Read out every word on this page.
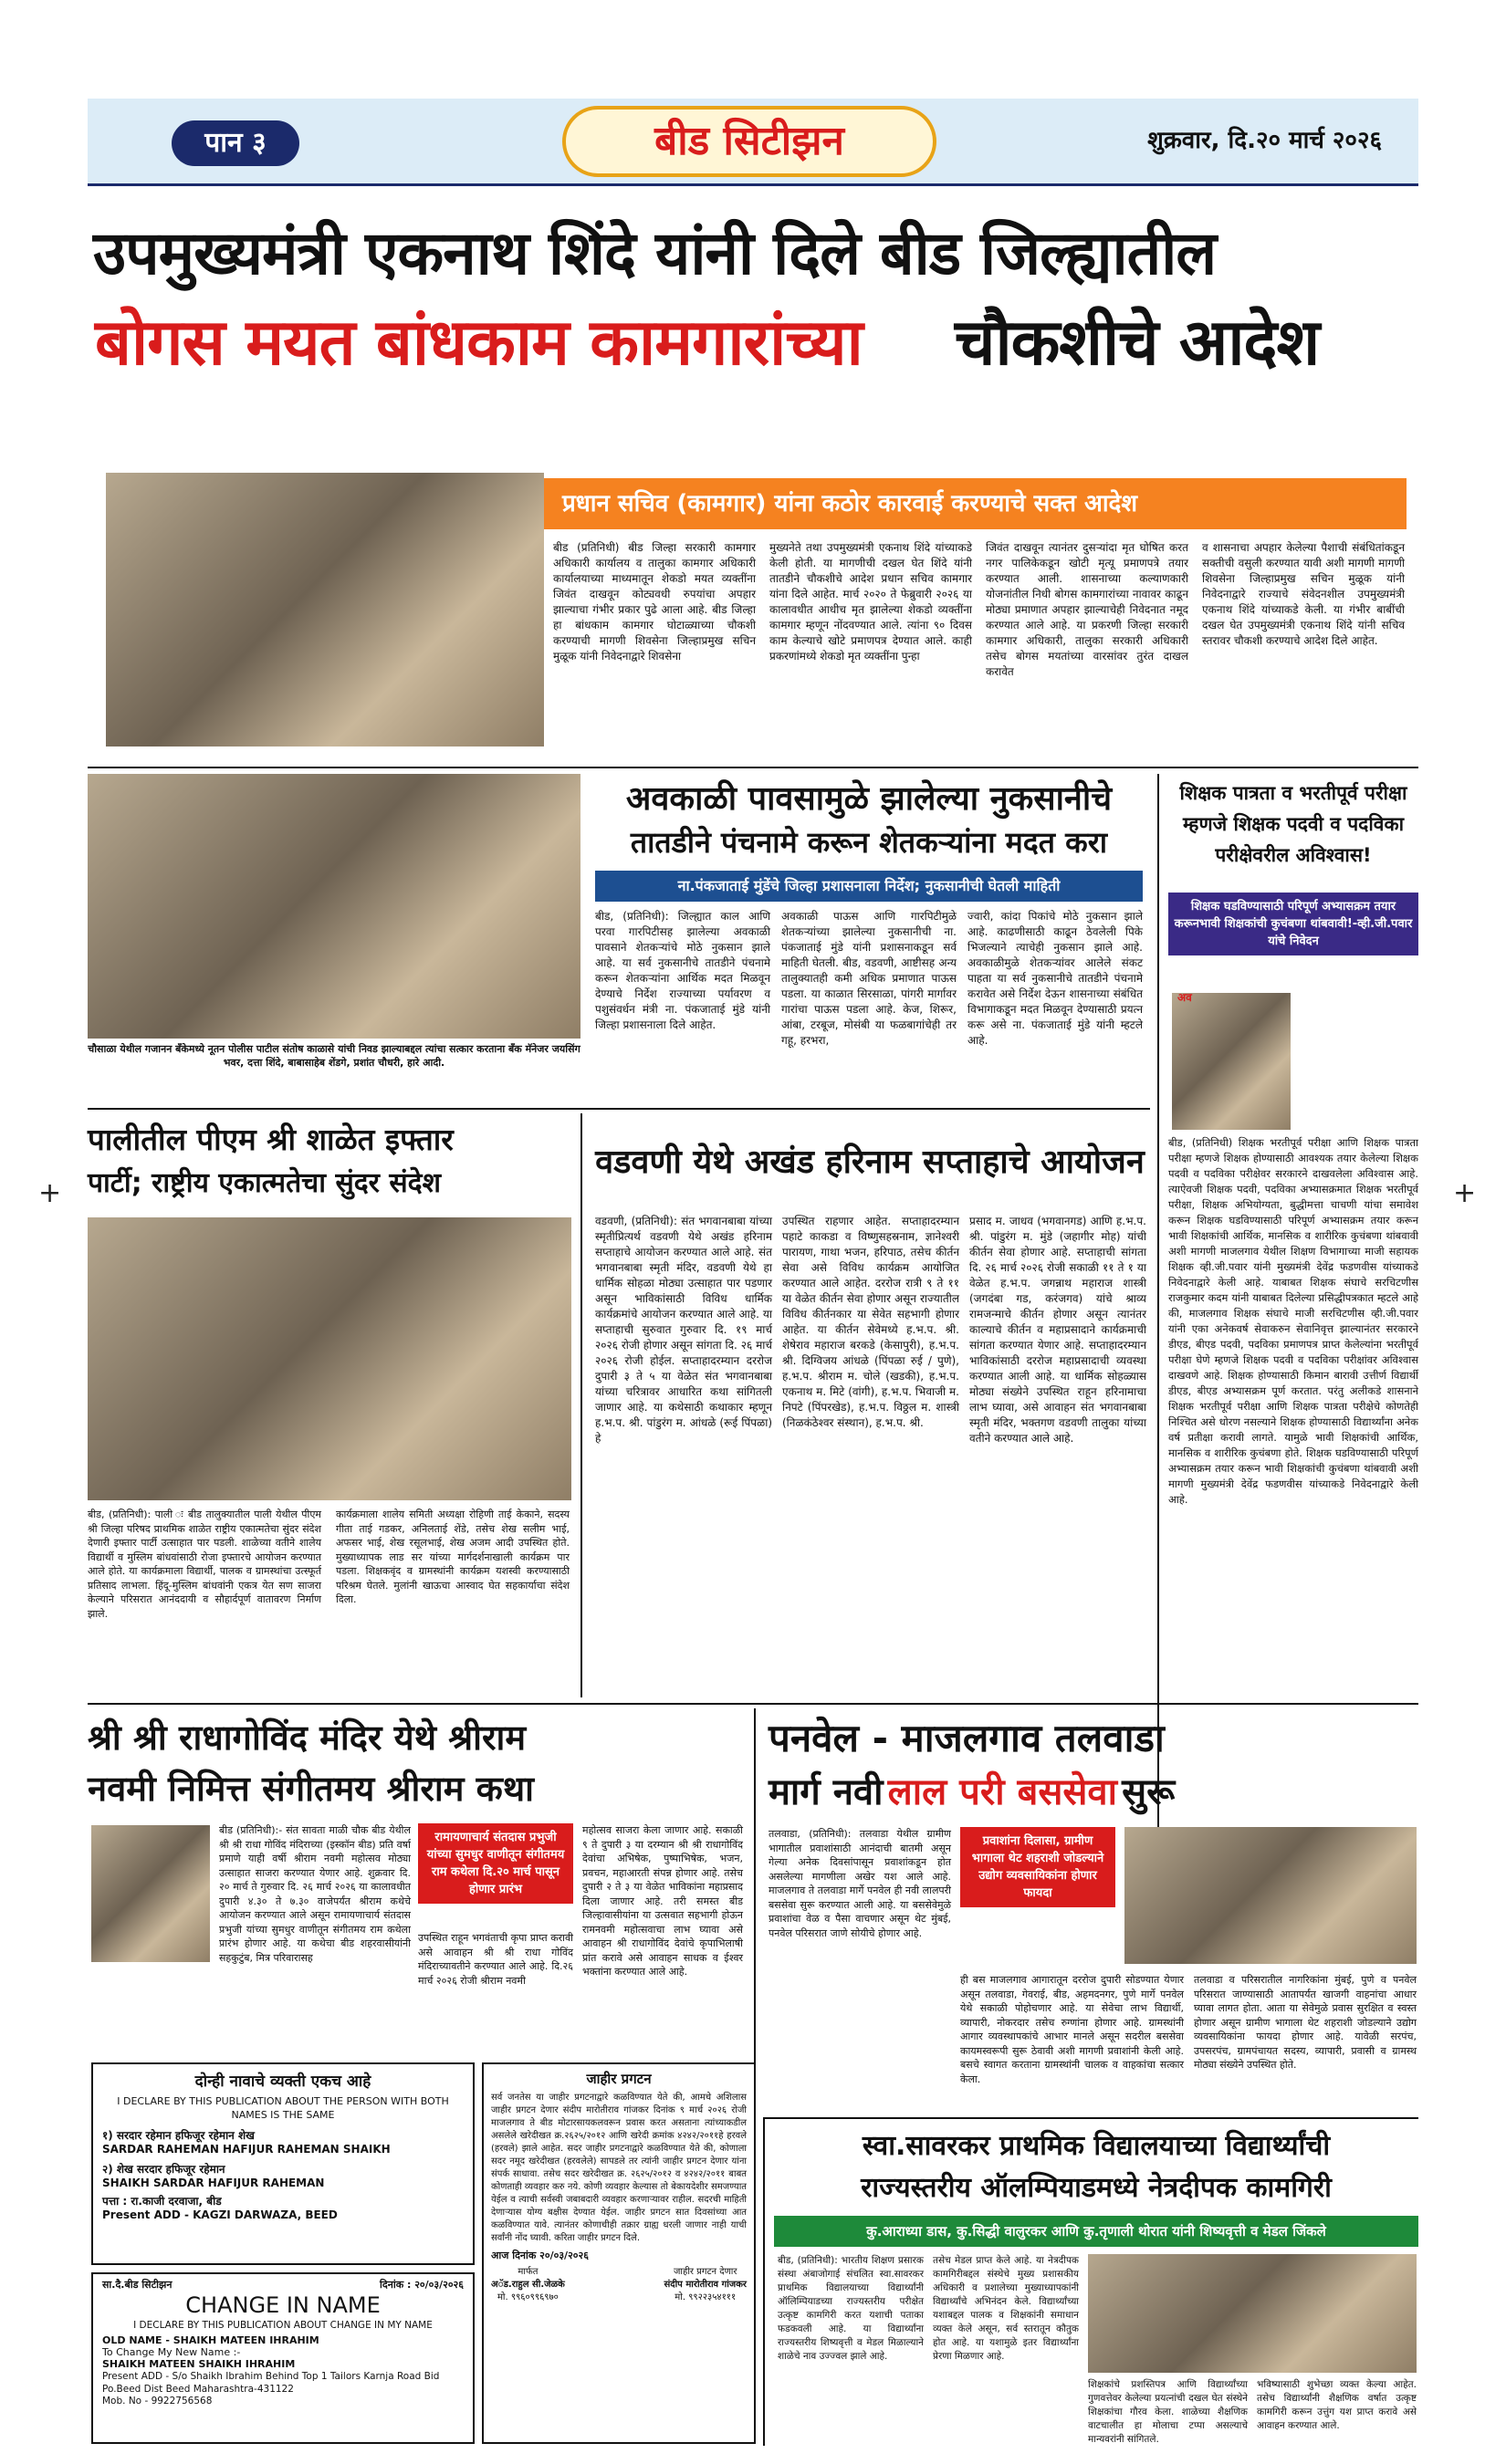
+	+
पान ३	बीड सिटीझन	शुक्रवार, दि.२० मार्च २०२६
उपमुख्यमंत्री एकनाथ शिंदे यांनी दिले बीड जिल्ह्यातील
बोगस मयत बांधकाम कामगारांच्या चौकशीचे आदेश
प्रधान सचिव (कामगार) यांना कठोर कारवाई करण्याचे सक्त आदेश

बीड (प्रतिनिधी) बीड जिल्हा सरकारी कामगार अधिकारी कार्यालय व तालुका कामगार अधिकारी कार्यालयाच्या माध्यमातून शेकडो मयत व्यक्तींना जिवंत दाखवून कोट्यवधी रुपयांचा अपहार झाल्याचा गंभीर प्रकार पुढे आला आहे. बीड जिल्हा हा बांधकाम कामगार घोटाळ्याच्या चौकशी करण्याची मागणी शिवसेना जिल्हाप्रमुख सचिन मुळूक यांनी निवेदनाद्वारे शिवसेना

मुख्यनेते तथा उपमुख्यमंत्री एकनाथ शिंदे यांच्याकडे केली होती. या मागणीची दखल घेत शिंदे यांनी तातडीने चौकशीचे आदेश प्रधान सचिव कामगार यांना दिले आहेत. मार्च २०२० ते फेब्रुवारी २०२६ या कालावधीत आधीच मृत झालेल्या शेकडो व्यक्तींना कामगार म्हणून नोंदवण्यात आले. त्यांना ९० दिवस काम केल्याचे खोटे प्रमाणपत्र देण्यात आले. काही प्रकरणांमध्ये शेकडो मृत व्यक्तींना पुन्हा

जिवंत दाखवून त्यानंतर दुसऱ्यांदा मृत घोषित करत नगर पालिकेकडून खोटी मृत्यू प्रमाणपत्रे तयार करण्यात आली. शासनाच्या कल्याणकारी योजनांतील निधी बोगस कामगारांच्या नावावर काढून मोठ्या प्रमाणात अपहार झाल्याचेही निवेदनात नमूद करण्यात आले आहे. या प्रकरणी जिल्हा सरकारी कामगार अधिकारी, तालुका सरकारी अधिकारी तसेच बोगस मयतांच्या वारसांवर तुरंत दाखल करावेत

व शासनाचा अपहार केलेल्या पैशाची संबंधितांकडून सक्तीची वसुली करण्यात यावी अशी मागणी मागणी शिवसेना जिल्हाप्रमुख सचिन मुळूक यांनी निवेदनाद्वारे राज्याचे संवेदनशील उपमुख्यमंत्री एकनाथ शिंदे यांच्याकडे केली. या गंभीर बाबींची दखल घेत उपमुख्यमंत्री एकनाथ शिंदे यांनी सचिव स्तरावर चौकशी करण्याचे आदेश दिले आहेत.

चौसाळा येथील गजानन बँकेमध्ये नूतन पोलीस पाटील संतोष काळासे यांची निवड झाल्याबद्दल त्यांचा सत्कार करताना बँक मॅनेजर जयसिंग भवर, दत्ता शिंदे, बाबासाहेब शेंडगे, प्रशांत चौधरी, हारे आदी.

अवकाळी पावसामुळे झालेल्या नुकसानीचे
तातडीने पंचनामे करून शेतकऱ्यांना मदत करा
ना.पंकजाताई मुंडेंचे जिल्हा प्रशासनाला निर्देश; नुकसानीची घेतली माहिती

बीड, (प्रतिनिधी): जिल्ह्यात काल आणि परवा गारपिटीसह झालेल्या अवकाळी पावसाने शेतकऱ्यांचे मोठे नुकसान झाले आहे. या सर्व नुकसानीचे तातडीने पंचनामे करून शेतकऱ्यांना आर्थिक मदत मिळवून देण्याचे निर्देश राज्याच्या पर्यावरण व पशुसंवर्धन मंत्री ना. पंकजाताई मुंडे यांनी जिल्हा प्रशासनाला दिले आहेत.

अवकाळी पाऊस आणि गारपिटीमुळे शेतकऱ्यांच्या झालेल्या नुकसानीची ना. पंकजाताई मुंडे यांनी प्रशासनाकडून सर्व माहिती घेतली. बीड, वडवणी, आष्टीसह अन्य तालुक्यातही कमी अधिक प्रमाणात पाऊस पडला. या काळात सिरसाळा, पांगरी मार्गावर गारांचा पाऊस पडला आहे. केज, शिरूर, आंबा, टरबूज, मोसंबी या फळबागांचेही तर गहू, हरभरा,

ज्वारी, कांदा पिकांचे मोठे नुकसान झाले आहे. काढणीसाठी काढून ठेवलेली पिके भिजल्याने त्याचेही नुकसान झाले आहे. अवकाळीमुळे शेतकऱ्यांवर आलेले संकट पाहता या सर्व नुकसानीचे तातडीने पंचनामे करावेत असे निर्देश देऊन शासनाच्या संबंधित विभागाकडून मदत मिळवून देण्यासाठी प्रयत्न करू असे ना. पंकजाताई मुंडे यांनी म्हटले आहे.

शिक्षक पात्रता व भरतीपूर्व परीक्षा म्हणजे शिक्षक पदवी व पदविका परीक्षेवरील अविश्वास!
शिक्षक घडविण्यासाठी परिपूर्ण अभ्यासक्रम तयार करूनभावी शिक्षकांची कुचंबणा थांबवावी!-व्ही.जी.पवार यांचे निवेदन
अव

बीड, (प्रतिनिधी) शिक्षक भरतीपूर्व परीक्षा आणि शिक्षक पात्रता परीक्षा म्हणजे शिक्षक होण्यासाठी आवश्यक तयार केलेल्या शिक्षक पदवी व पदविका परीक्षेवर सरकारने दाखवलेला अविश्वास आहे. त्याऐवजी शिक्षक पदवी, पदविका अभ्यासक्रमात शिक्षक भरतीपूर्व परीक्षा, शिक्षक अभियोग्यता, बुद्धीमत्ता चाचणी यांचा समावेश करून शिक्षक घडविण्यासाठी परिपूर्ण अभ्यासक्रम तयार करून भावी शिक्षकांची आर्थिक, मानसिक व शारीरिक कुचंबणा थांबवावी अशी मागणी माजलगाव येथील शिक्षण विभागाच्या माजी सहायक शिक्षक व्ही.जी.पवार यांनी मुख्यमंत्री देवेंद्र फडणवीस यांच्याकडे निवेदनाद्वारे केली आहे. याबाबत शिक्षक संघाचे सरचिटणीस राजकुमार कदम यांनी याबाबत दिलेल्या प्रसिद्धीपत्रकात म्हटले आहे की, माजलगाव शिक्षक संघाचे माजी सरचिटणीस व्ही.जी.पवार यांनी एका अनेकवर्ष सेवाकरुन सेवानिवृत्त झाल्यानंतर सरकारने डीएड, बीएड पदवी, पदविका प्रमाणपत्र प्राप्त केलेल्यांना भरतीपूर्व परीक्षा घेणे म्हणजे शिक्षक पदवी व पदविका परीक्षांवर अविश्वास दाखवणे आहे. शिक्षक होण्यासाठी किमान बारावी उत्तीर्ण विद्यार्थी डीएड, बीएड अभ्यासक्रम पूर्ण करतात. परंतु अलीकडे शासनाने शिक्षक भरतीपूर्व परीक्षा आणि शिक्षक पात्रता परीक्षेचे कोणतेही निश्चित असे धोरण नसल्याने शिक्षक होण्यासाठी विद्यार्थ्यांना अनेक वर्ष प्रतीक्षा करावी लागते. यामुळे भावी शिक्षकांची आर्थिक, मानसिक व शारीरिक कुचंबणा होते. शिक्षक घडविण्यासाठी परिपूर्ण अभ्यासक्रम तयार करून भावी शिक्षकांची कुचंबणा थांबवावी अशी मागणी मुख्यमंत्री देवेंद्र फडणवीस यांच्याकडे निवेदनाद्वारे केली आहे.

पालीतील पीएम श्री शाळेत इफ्तार
पार्टी; राष्ट्रीय एकात्मतेचा सुंदर संदेश

बीड, (प्रतिनिधी): पाली ः बीड तालुक्यातील पाली येथील पीएम श्री जिल्हा परिषद प्राथमिक शाळेत राष्ट्रीय एकात्मतेचा सुंदर संदेश देणारी इफ्तार पार्टी उत्साहात पार पडली. शाळेच्या वतीने शालेय विद्यार्थी व मुस्लिम बांधवांसाठी रोजा इफ्तारचे आयोजन करण्यात आले होते. या कार्यक्रमाला विद्यार्थी, पालक व ग्रामस्थांचा उत्स्फूर्त प्रतिसाद लाभला. हिंदू-मुस्लिम बांधवांनी एकत्र येत सण साजरा केल्याने परिसरात आनंददायी व सौहार्दपूर्ण वातावरण निर्माण झाले.

कार्यक्रमाला शालेय समिती अध्यक्षा रोहिणी ताई केकाने, सदस्य गीता ताई गडकर, अनिलताई शेंडे, तसेच शेख सलीम भाई, अफसर भाई, शेख रसूलभाई, शेख अजम आदी उपस्थित होते. मुख्याध्यापक लाड सर यांच्या मार्गदर्शनाखाली कार्यक्रम पार पडला. शिक्षकवृंद व ग्रामस्थांनी कार्यक्रम यशस्वी करण्यासाठी परिश्रम घेतले. मुलांनी खाऊचा आस्वाद घेत सहकार्याचा संदेश दिला.

वडवणी येथे अखंड हरिनाम सप्ताहाचे आयोजन

वडवणी, (प्रतिनिधी): संत भगवानबाबा यांच्या स्मृतीप्रित्यर्थ वडवणी येथे अखंड हरिनाम सप्ताहाचे आयोजन करण्यात आले आहे. संत भगवानबाबा स्मृती मंदिर, वडवणी येथे हा धार्मिक सोहळा मोठ्या उत्साहात पार पडणार असून भाविकांसाठी विविध धार्मिक कार्यक्रमांचे आयोजन करण्यात आले आहे. या सप्ताहाची सुरुवात गुरुवार दि. १९ मार्च २०२६ रोजी होणार असून सांगता दि. २६ मार्च २०२६ रोजी होईल. सप्ताहादरम्यान दररोज दुपारी ३ ते ५ या वेळेत संत भगवानबाबा यांच्या चरित्रावर आधारित कथा सांगितली जाणार आहे. या कथेसाठी कथाकार म्हणून ह.भ.प. श्री. पांडुरंग म. आंधळे (रूई पिंपळा) हे

उपस्थित राहणार आहेत. सप्ताहादरम्यान पहाटे काकडा व विष्णुसहस्रनाम, ज्ञानेश्वरी पारायण, गाथा भजन, हरिपाठ, तसेच कीर्तन सेवा असे विविध कार्यक्रम आयोजित करण्यात आले आहेत. दररोज रात्री ९ ते ११ या वेळेत कीर्तन सेवा होणार असून राज्यातील विविध कीर्तनकार या सेवेत सहभागी होणार आहेत. या कीर्तन सेवेमध्ये ह.भ.प. श्री. शेषेराव महाराज बरकडे (केसापुरी), ह.भ.प. श्री. दिग्विजय आंधळे (पिंपळा रुई / पुणे), ह.भ.प. श्रीराम म. चोले (खडकी), ह.भ.प. एकनाथ म. मिटे (वांगी), ह.भ.प. भिवाजी म. निपटे (पिंपरखेड), ह.भ.प. विठ्ठल म. शास्त्री (निळकंठेश्वर संस्थान), ह.भ.प. श्री.

प्रसाद म. जाधव (भगवानगड) आणि ह.भ.प. श्री. पांडुरंग म. मुंडे (जहागीर मोह) यांची कीर्तन सेवा होणार आहे. सप्ताहाची सांगता दि. २६ मार्च २०२६ रोजी सकाळी ११ ते १ या वेळेत ह.भ.प. जगन्नाथ महाराज शास्त्री (जगदंबा गड, करंजगव) यांचे श्राव्य रामजन्माचे कीर्तन होणार असून त्यानंतर काल्याचे कीर्तन व महाप्रसादाने कार्यक्रमाची सांगता करण्यात येणार आहे. सप्ताहादरम्यान भाविकांसाठी दररोज महाप्रसादाची व्यवस्था करण्यात आली आहे. या धार्मिक सोहळ्यास मोठ्या संख्येने उपस्थित राहून हरिनामाचा लाभ घ्यावा, असे आवाहन संत भगवानबाबा स्मृती मंदिर, भक्तगण वडवणी तालुका यांच्या वतीने करण्यात आले आहे.

श्री श्री राधागोविंद मंदिर येथे श्रीराम
नवमी निमित्त संगीतमय श्रीराम कथा

बीड (प्रतिनिधी):- संत सावता माळी चौक बीड येथील श्री श्री राधा गोविंद मंदिराच्या (इस्कॉन बीड) प्रति वर्षा प्रमाणे याही वर्षी श्रीराम नवमी महोत्सव मोठ्या उत्साहात साजरा करण्यात येणार आहे. शुक्रवार दि. २० मार्च ते गुरुवार दि. २६ मार्च २०२६ या कालावधीत दुपारी ४.३० ते ७.३० वाजेपर्यंत श्रीराम कथेचे आयोजन करण्यात आले असून रामायणाचार्य संतदास प्रभुजी यांच्या सुमधुर वाणीतून संगीतमय राम कथेला प्रारंभ होणार आहे. या कथेचा बीड शहरवासीयांनी सहकुटुंब, मित्र परिवारासह

रामायणाचार्य संतदास प्रभुजी यांच्या सुमधुर वाणीतून संगीतमय राम कथेला दि.२० मार्च पासून होणार प्रारंभ

उपस्थित राहून भगवंताची कृपा प्राप्त करावी असे आवाहन श्री श्री राधा गोविंद मंदिराच्यावतीने करण्यात आले आहे. दि.२६ मार्च २०२६ रोजी श्रीराम नवमी

महोत्सव साजरा केला जाणार आहे. सकाळी ९ ते दुपारी ३ या दरम्यान श्री श्री राधागोविंद देवांचा अभिषेक, पुष्पाभिषेक, भजन, प्रवचन, महाआरती संपन्न होणार आहे. तसेच दुपारी २ ते ३ या वेळेत भाविकांना महाप्रसाद दिला जाणार आहे. तरी समस्त बीड जिल्हावासीयांना या उत्सवात सहभागी होऊन रामनवमी महोत्सवाचा लाभ घ्यावा असे आवाहन श्री राधागोविंद देवांचे कृपाभिलाषी प्रांत करावे असे आवाहन साधक व ईश्वर भक्तांना करण्यात आले आहे.

पनवेल - माजलगाव तलवाडा
मार्ग नवी लाल परी बससेवा सुरू

तलवाडा, (प्रतिनिधी): तलवाडा येथील ग्रामीण भागातील प्रवाशांसाठी आनंदाची बातमी असून गेल्या अनेक दिवसांपासून प्रवाशांकडून होत असलेल्या मागणीला अखेर यश आले आहे. माजलगाव ते तलवाडा मार्गे पनवेल ही नवी लालपरी बससेवा सुरू करण्यात आली आहे. या बससेवेमुळे प्रवाशांचा वेळ व पैसा वाचणार असून थेट मुंबई, पनवेल परिसरात जाणे सोयीचे होणार आहे.

प्रवाशांना दिलासा, ग्रामीण भागाला थेट शहराशी जोडल्याने उद्योग व्यवसायिकांना होणार फायदा

ही बस माजलगाव आगारातून दररोज दुपारी सोडण्यात येणार असून तलवाडा, गेवराई, बीड, अहमदनगर, पुणे मार्गे पनवेल येथे सकाळी पोहोचणार आहे. या सेवेचा लाभ विद्यार्थी, व्यापारी, नोकरदार तसेच रुग्णांना होणार आहे. ग्रामस्थांनी आगार व्यवस्थापकांचे आभार मानले असून सदरील बससेवा कायमस्वरूपी सुरू ठेवावी अशी मागणी प्रवाशांनी केली आहे. बसचे स्वागत करताना ग्रामस्थांनी चालक व वाहकांचा सत्कार केला.

तलवाडा व परिसरातील नागरिकांना मुंबई, पुणे व पनवेल परिसरात जाण्यासाठी आतापर्यंत खाजगी वाहनांचा आधार घ्यावा लागत होता. आता या सेवेमुळे प्रवास सुरक्षित व स्वस्त होणार असून ग्रामीण भागाला थेट शहराशी जोडल्याने उद्योग व्यवसायिकांना फायदा होणार आहे. यावेळी सरपंच, उपसरपंच, ग्रामपंचायत सदस्य, व्यापारी, प्रवासी व ग्रामस्थ मोठ्या संख्येने उपस्थित होते.

दोन्ही नावाचे व्यक्ती एकच आहे
I DECLARE BY THIS PUBLICATION ABOUT THE PERSON WITH BOTH NAMES IS THE SAME
१) सरदार रहेमान हफिजूर रहेमान शेख
SARDAR RAHEMAN HAFIJUR RAHEMAN SHAIKH
२) शेख सरदार हफिजूर रहेमान
SHAIKH SARDAR HAFIJUR RAHEMAN
पत्ता : रा.काजी दरवाजा, बीड
Present ADD - KAGZI DARWAZA, BEED
सा.दै.बीड सिटीझन	दिनांक : २०/०३/२०२६
CHANGE IN NAME
I DECLARE BY THIS PUBLICATION ABOUT CHANGE IN MY NAME
OLD NAME - SHAIKH MATEEN IHRAHIM
To Change My New Name :-
SHAIKH MATEEN SHAIKH IHRAHIM
Present ADD - S/o Shaikh Ibrahim Behind Top 1 Tailors Karnja Road Bid Po.Beed Dist Beed Maharashtra-431122
Mob. No - 9922756568
जाहीर प्रगटन

सर्व जनतेस या जाहीर प्रगटनाद्वारे कळविण्यात येते की, आमचे अशिलास जाहीर प्रगटन देणार संदीप मारोतीराव गांजकर दिनांक ९ मार्च २०२६ रोजी माजलगाव ते बीड मोटारसायकलवरून प्रवास करत असताना त्यांच्याकडील असलेले खरेदीखत क्र.२६२५/२०१२ आणि खरेदी क्रमांक ४२४२/२०११हे हरवले (हरवले) झाले आहेत. सदर जाहीर प्रगटनाद्वारे कळविण्यात येते की, कोणाला सदर नमूद खरेदीखत (हरवलेले) सापडले तर त्यांनी जाहीर प्रगटन देणार यांना संपर्क साधावा. तसेच सदर खरेदीखत क्र. २६२५/२०१२ व ४२४२/२०११ बाबत कोणताही व्यवहार करु नये. कोणी व्यवहार केल्यास तो बेकायदेशीर समजण्यात येईल व त्याची सर्वस्वी जबाबदारी व्यवहार करणाऱ्यावर राहील. सदरची माहिती देणाऱ्यास योग्य बक्षीस देण्यात येईल. जाहीर प्रगटन सात दिवसांच्या आत कळविण्यात यावे. त्यानंतर कोणाचीही तक्रार ग्राह्य धरली जाणार नाही याची सर्वांनी नोंद घ्यावी. करिता जाहीर प्रगटन दिले.

आज दिनांक २०/०३/२०२६
मार्फत
अॅड.राहुल सी.जेळके
मो. ९९६०९९६९७०
जाहीर प्रगटन देणार
संदीप मारोतीराव गांजकर
मो. ९९२२३५४१११
स्वा.सावरकर प्राथमिक विद्यालयाच्या विद्यार्थ्यांची
राज्यस्तरीय ऑलम्पियाडमध्ये नेत्रदीपक कामगिरी
कु.आराध्या डास, कु.सिद्धी वालुरकर आणि कु.तृणाली थोरात यांनी शिष्यवृत्ती व मेडल जिंकले

बीड, (प्रतिनिधी): भारतीय शिक्षण प्रसारक संस्था अंबाजोगाई संचलित स्वा.सावरकर प्राथमिक विद्यालयाच्या विद्यार्थ्यांनी ऑलिम्पियाडच्या राज्यस्तरीय परीक्षेत उत्कृष्ट कामगिरी करत यशाची पताका फडकवली आहे. या विद्यार्थ्यांना राज्यस्तरीय शिष्यवृत्ती व मेडल मिळाल्याने शाळेचे नाव उज्ज्वल झाले आहे.

तसेच मेडल प्राप्त केले आहे. या नेत्रदीपक कामगिरीबद्दल संस्थेचे मुख्य प्रशासकीय अधिकारी व प्रशालेच्या मुख्याध्यापकांनी विद्यार्थ्यांचे अभिनंदन केले. विद्यार्थ्यांच्या यशाबद्दल पालक व शिक्षकांनी समाधान व्यक्त केले असून, सर्व स्तरातून कौतुक होत आहे. या यशामुळे इतर विद्यार्थ्यांना प्रेरणा मिळणार आहे.

शिक्षकांचे प्रशस्तिपत्र आणि विद्यार्थ्यांच्या गुणवत्तेवर केलेल्या प्रयत्नांची दखल घेत संस्थेने शिक्षकांचा गौरव केला. शाळेच्या शैक्षणिक वाटचालीत हा मोलाचा टप्पा असल्याचे मान्यवरांनी सांगितले.

भविष्यासाठी शुभेच्छा व्यक्त केल्या आहेत. तसेच विद्यार्थ्यांनी शैक्षणिक वर्षात उत्कृष्ट कामगिरी करून उत्तुंग यश प्राप्त करावे असे आवाहन करण्यात आले.
